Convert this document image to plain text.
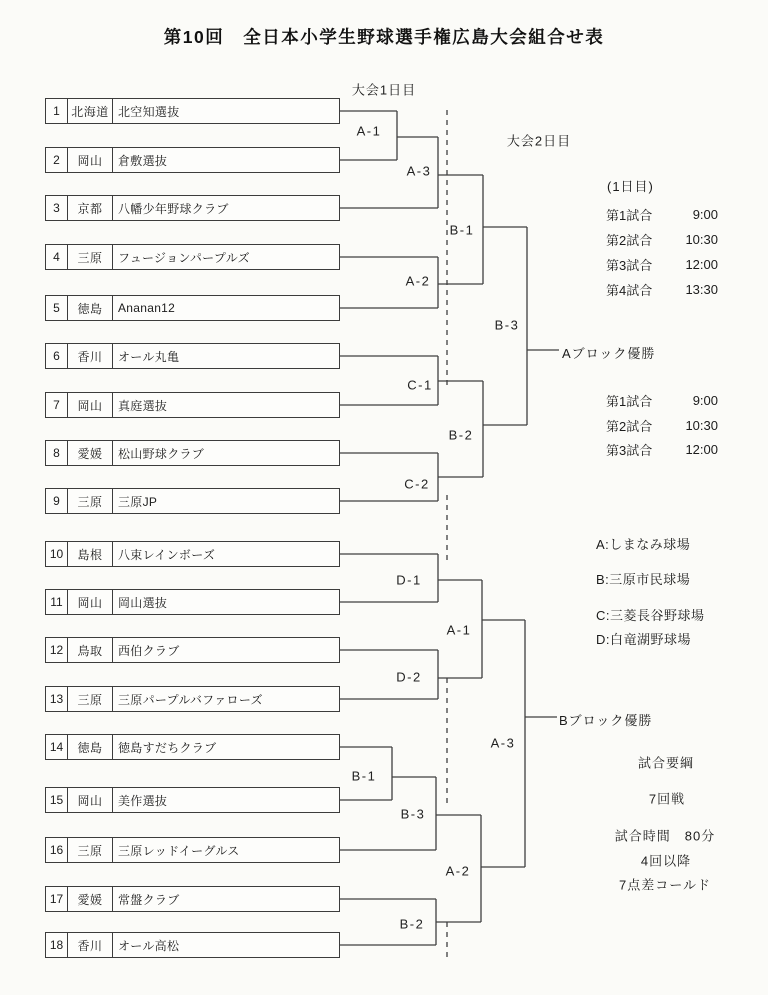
第10回　全日本小学生野球選手権広島大会組合せ表
1 北海道 北空知選抜
2	岡山	倉敷選抜
3	京都	八幡少年野球クラブ
4	三原	フュージョンパープルズ
5	徳島	Ananan12
6	香川	オール丸亀
7	岡山	真庭選抜
8	愛媛	松山野球クラブ
9	三原	三原JP
10	島根	八束レインボーズ
11	岡山	岡山選抜
12	鳥取	西伯クラブ
13	三原	三原パープルバファローズ
14	徳島	徳島すだちクラブ
15	岡山	美作選抜
16	三原	三原レッドイーグルス
17	愛媛	常盤クラブ
18	香川	オール高松
大会1日目
大会2日目
A-1
A-3
A-2
B-1
C-1
C-2
B-2
B-3
D-1
D-2
A-1
B-1
B-3
B-2
A-2
A-3
Aブロック優勝
Bブロック優勝
(1日目)
第1試合	9:00
第2試合	10:30
第3試合	12:00
第4試合	13:30
第1試合	9:00
第2試合	10:30
第3試合	12:00
A:しまなみ球場
B:三原市民球場
C:三菱長谷野球場
D:白竜湖野球場
試合要綱
7回戦
試合時間　80分
4回以降
7点差コールド
